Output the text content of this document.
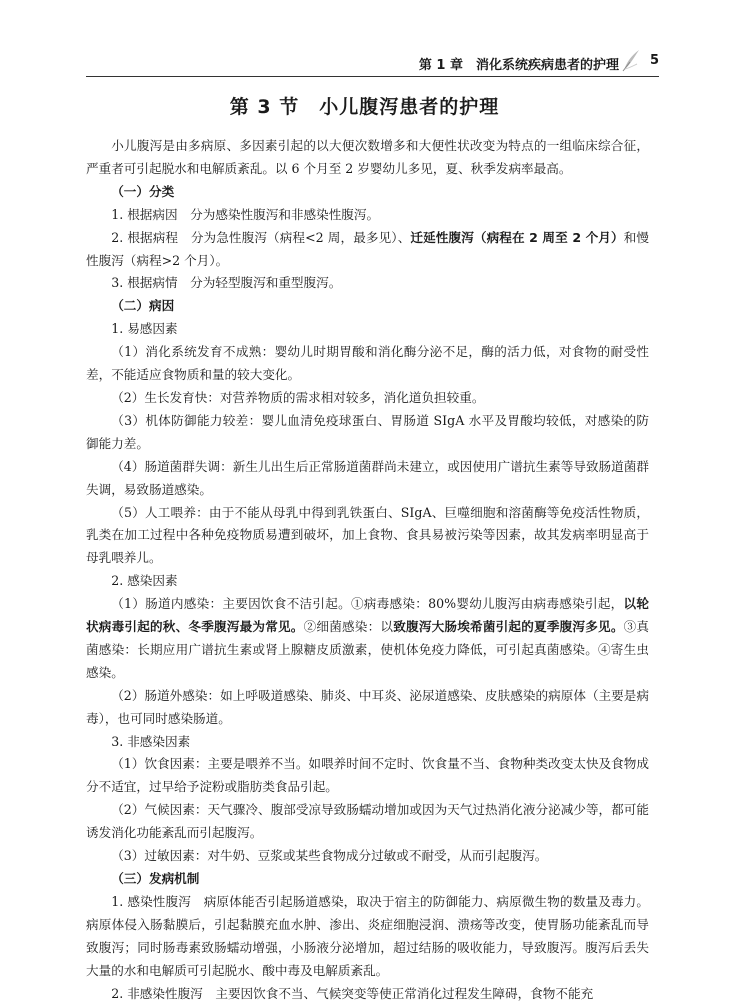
第 1 章　消化系统疾病患者的护理 5
第 3 节　小儿腹泻患者的护理

小儿腹泻是由多病原、多因素引起的以大便次数增多和大便性状改变为特点的一组临床综合征，严重者可引起脱水和电解质紊乱。以 6 个月至 2 岁婴幼儿多见，夏、秋季发病率最高。

（一）分类

1. 根据病因　分为感染性腹泻和非感染性腹泻。

2. 根据病程　分为急性腹泻（病程<2 周，最多见）、迁延性腹泻（病程在 2 周至 2 个月）和慢性腹泻（病程>2 个月）。

3. 根据病情　分为轻型腹泻和重型腹泻。

（二）病因

1. 易感因素

（1）消化系统发育不成熟：婴幼儿时期胃酸和消化酶分泌不足，酶的活力低，对食物的耐受性差，不能适应食物质和量的较大变化。

（2）生长发育快：对营养物质的需求相对较多，消化道负担较重。

（3）机体防御能力较差：婴儿血清免疫球蛋白、胃肠道 SIgA 水平及胃酸均较低，对感染的防御能力差。

（4）肠道菌群失调：新生儿出生后正常肠道菌群尚未建立，或因使用广谱抗生素等导致肠道菌群失调，易致肠道感染。

（5）人工喂养：由于不能从母乳中得到乳铁蛋白、SIgA、巨噬细胞和溶菌酶等免疫活性物质，乳类在加工过程中各种免疫物质易遭到破坏，加上食物、食具易被污染等因素，故其发病率明显高于母乳喂养儿。

2. 感染因素

（1）肠道内感染：主要因饮食不洁引起。①病毒感染：80%婴幼儿腹泻由病毒感染引起，以轮状病毒引起的秋、冬季腹泻最为常见。②细菌感染：以致腹泻大肠埃希菌引起的夏季腹泻多见。③真菌感染：长期应用广谱抗生素或肾上腺糖皮质激素，使机体免疫力降低，可引起真菌感染。④寄生虫感染。

（2）肠道外感染：如上呼吸道感染、肺炎、中耳炎、泌尿道感染、皮肤感染的病原体（主要是病毒），也可同时感染肠道。

3. 非感染因素

（1）饮食因素：主要是喂养不当。如喂养时间不定时、饮食量不当、食物种类改变太快及食物成分不适宜，过早给予淀粉或脂肪类食品引起。

（2）气候因素：天气骤冷、腹部受凉导致肠蠕动增加或因为天气过热消化液分泌减少等，都可能诱发消化功能紊乱而引起腹泻。

（3）过敏因素：对牛奶、豆浆或某些食物成分过敏或不耐受，从而引起腹泻。

（三）发病机制

1. 感染性腹泻　病原体能否引起肠道感染，取决于宿主的防御能力、病原微生物的数量及毒力。病原体侵入肠黏膜后，引起黏膜充血水肿、渗出、炎症细胞浸润、溃疡等改变，使胃肠功能紊乱而导致腹泻；同时肠毒素致肠蠕动增强，小肠液分泌增加，超过结肠的吸收能力，导致腹泻。腹泻后丢失大量的水和电解质可引起脱水、酸中毒及电解质紊乱。

2. 非感染性腹泻　主要因饮食不当、气候突变等使正常消化过程发生障碍，食物不能充
